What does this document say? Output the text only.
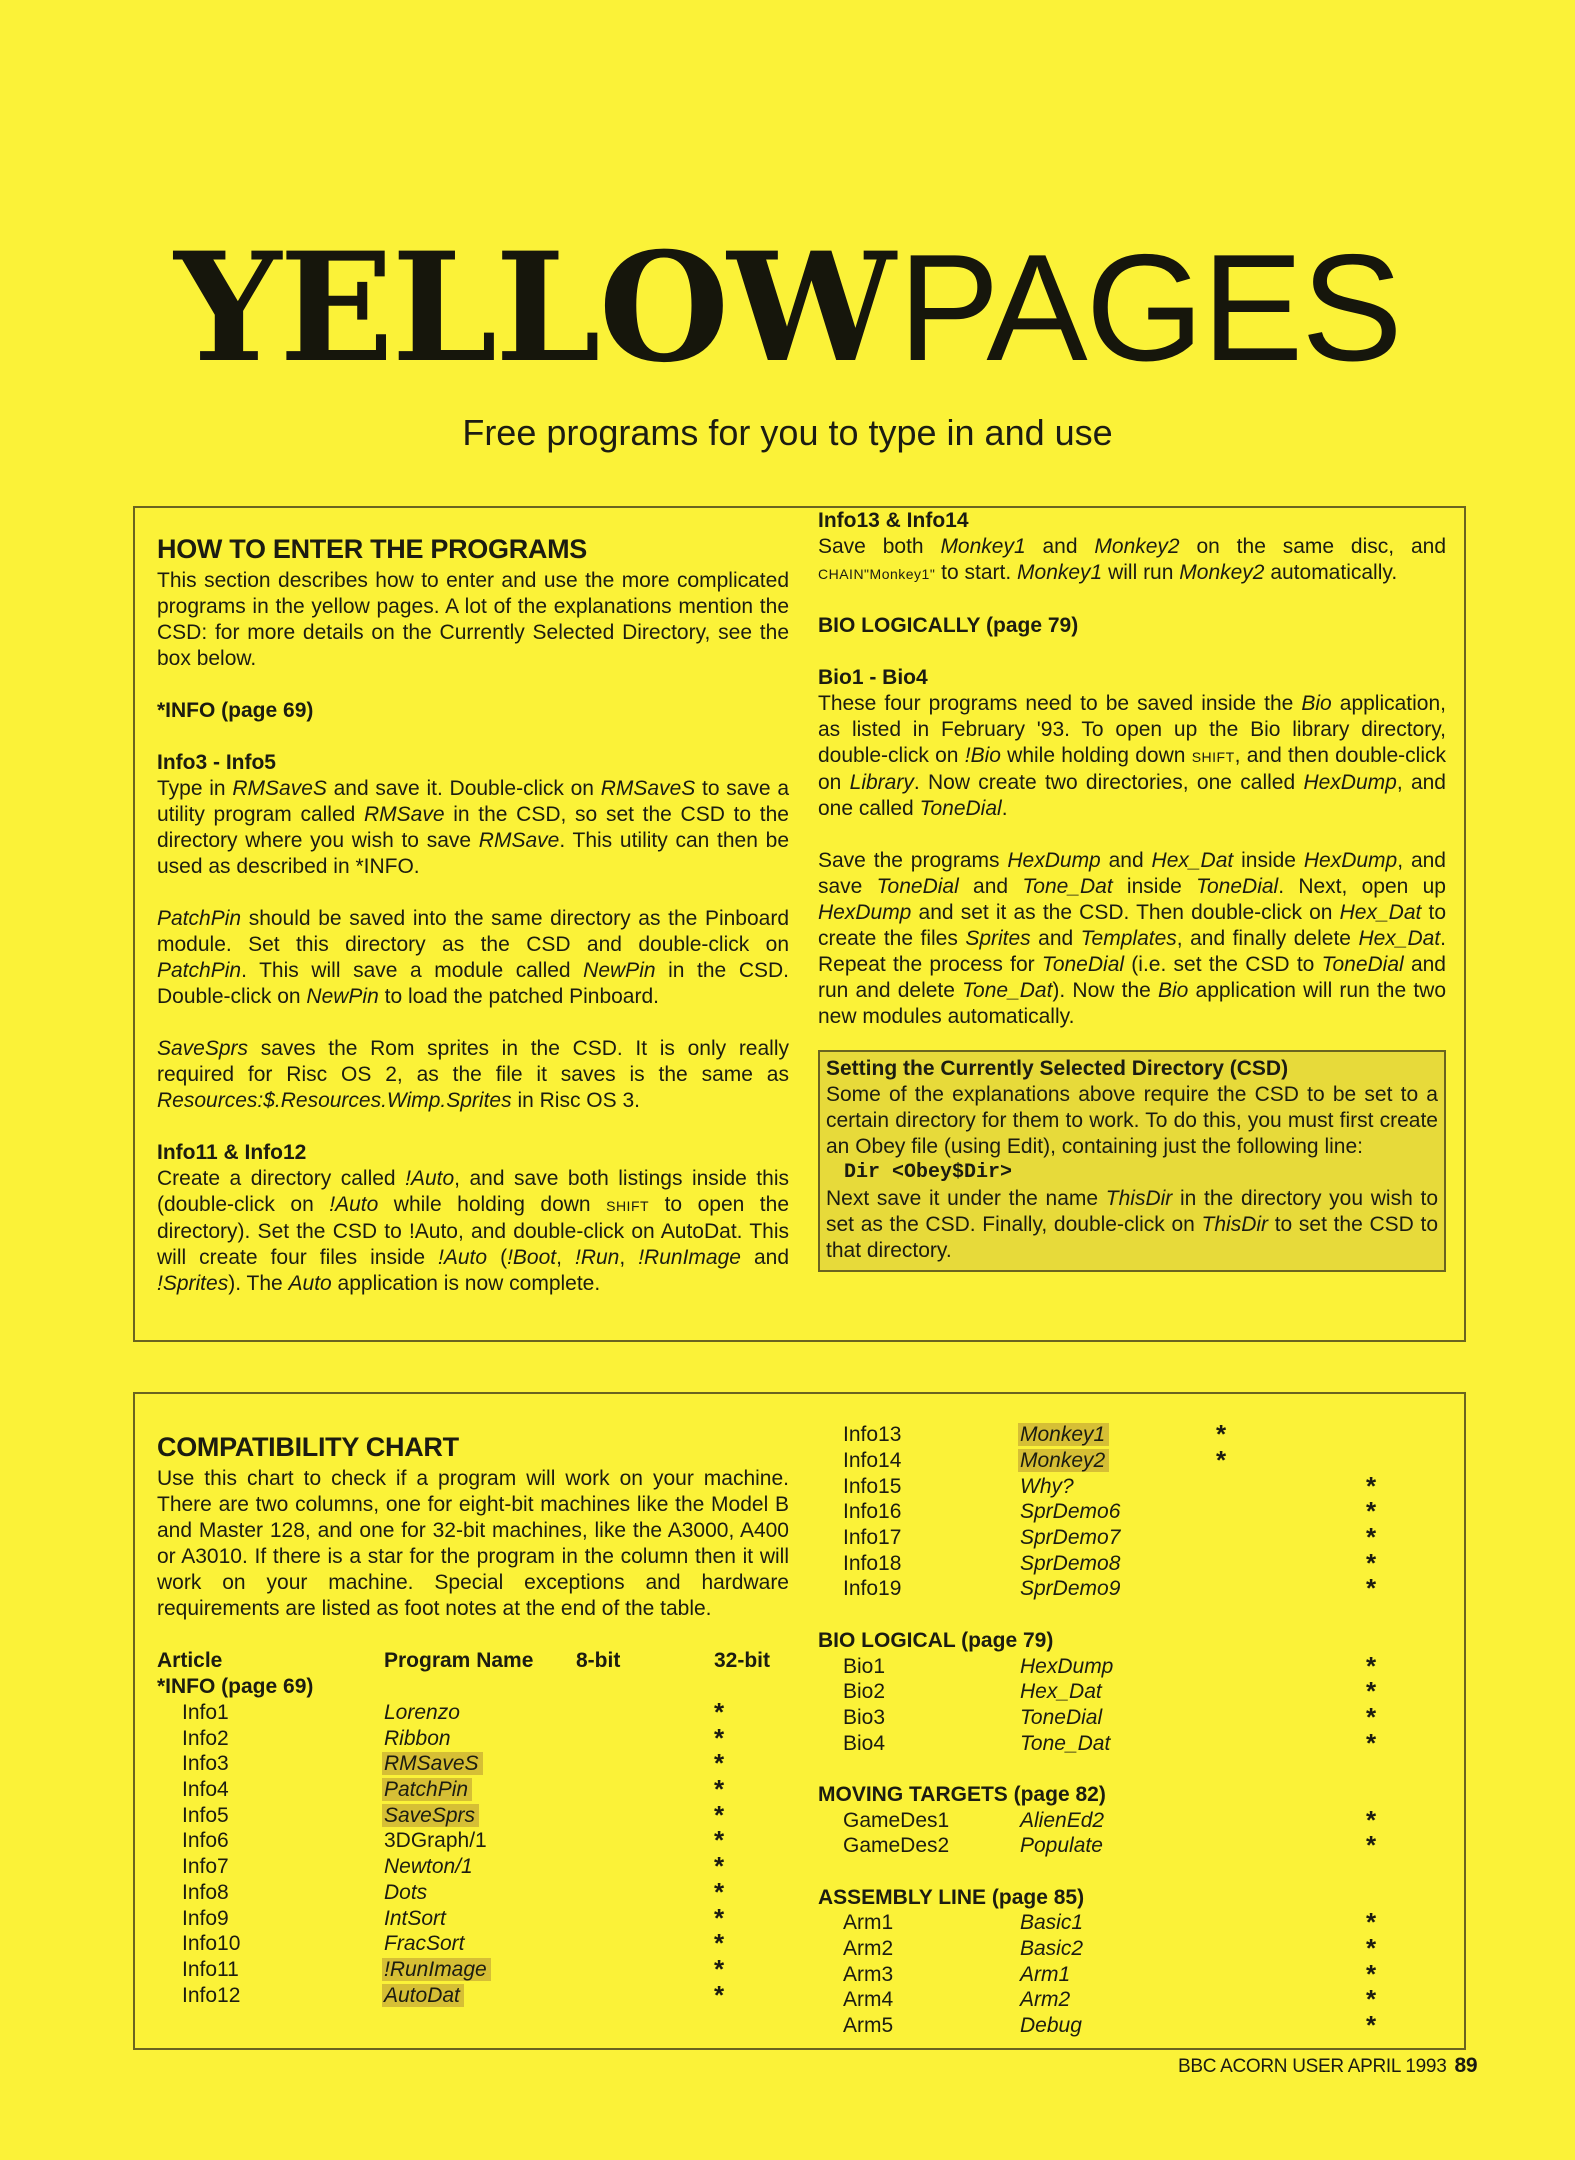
YELLOW PAGES
Free programs for you to type in and use
HOW TO ENTER THE PROGRAMS

This section describes how to enter and use the more complicated programs in the yellow pages. A lot of the explanations mention the CSD: for more details on the Currently Selected Directory, see the box below.

*INFO (page 69)
Info3 - Info5

Type in RMSaveS and save it. Double-click on RMSaveS to save a utility program called RMSave in the CSD, so set the CSD to the directory where you wish to save RMSave. This utility can then be used as described in *INFO.

PatchPin should be saved into the same directory as the Pinboard module. Set this directory as the CSD and double-click on PatchPin. This will save a module called NewPin in the CSD. Double-click on NewPin to load the patched Pinboard.

SaveSprs saves the Rom sprites in the CSD. It is only really required for Risc OS 2, as the file it saves is the same as Resources:$.Resources.Wimp.Sprites in Risc OS 3.

Info11 & Info12

Create a directory called !Auto, and save both listings inside this (double-click on !Auto while holding down SHIFT to open the directory). Set the CSD to !Auto, and double-click on AutoDat. This will create four files inside !Auto (!Boot, !Run, !RunImage and !Sprites). The Auto application is now complete.

Info13 & Info14

Save both Monkey1 and Monkey2 on the same disc, and CHAIN"Monkey1" to start. Monkey1 will run Monkey2 automatically.

BIO LOGICALLY (page 79)
Bio1 - Bio4

These four programs need to be saved inside the Bio application, as listed in February '93. To open up the Bio library directory, double-click on !Bio while holding down SHIFT, and then double-click on Library. Now create two directories, one called HexDump, and one called ToneDial.

Save the programs HexDump and Hex_Dat inside HexDump, and save ToneDial and Tone_Dat inside ToneDial. Next, open up HexDump and set it as the CSD. Then double-click on Hex_Dat to create the files Sprites and Templates, and finally delete Hex_Dat. Repeat the process for ToneDial (i.e. set the CSD to ToneDial and run and delete Tone_Dat). Now the Bio application will run the two new modules automatically.

Setting the Currently Selected Directory (CSD)

Some of the explanations above require the CSD to be set to a certain directory for them to work. To do this, you must first create an Obey file (using Edit), containing just the following line:

Dir <Obey$Dir>

Next save it under the name ThisDir in the directory you wish to set as the CSD. Finally, double-click on ThisDir to set the CSD to that directory.

COMPATIBILITY CHART

Use this chart to check if a program will work on your machine. There are two columns, one for eight-bit machines like the Model B and Master 128, and one for 32-bit machines, like the A3000, A400 or A3010. If there is a star for the program in the column then it will work on your machine. Special exceptions and hardware requirements are listed as foot notes at the end of the table.

Article	Program Name	8-bit	32-bit
*INFO (page 69)			
Info1	Lorenzo		*
Info2	Ribbon		*
Info3	RMSaveS		*
Info4	PatchPin		*
Info5	SaveSprs		*
Info6	3DGraph/1		*
Info7	Newton/1		*
Info8	Dots		*
Info9	IntSort		*
Info10	FracSort		*
Info11	!RunImage		*
Info12	AutoDat		*
Info13	Monkey1	*	
Info14	Monkey2	*	
Info15	Why?		*
Info16	SprDemo6		*
Info17	SprDemo7		*
Info18	SprDemo8		*
Info19	SprDemo9		*

BIO LOGICAL (page 79)			
Bio1	HexDump		*
Bio2	Hex_Dat		*
Bio3	ToneDial		*
Bio4	Tone_Dat		*

MOVING TARGETS (page 82)			
GameDes1	AlienEd2		*
GameDes2	Populate		*

ASSEMBLY LINE (page 85)			
Arm1	Basic1		*
Arm2	Basic2		*
Arm3	Arm1		*
Arm4	Arm2		*
Arm5	Debug		*
BBC ACORN USER APRIL 1993 89
